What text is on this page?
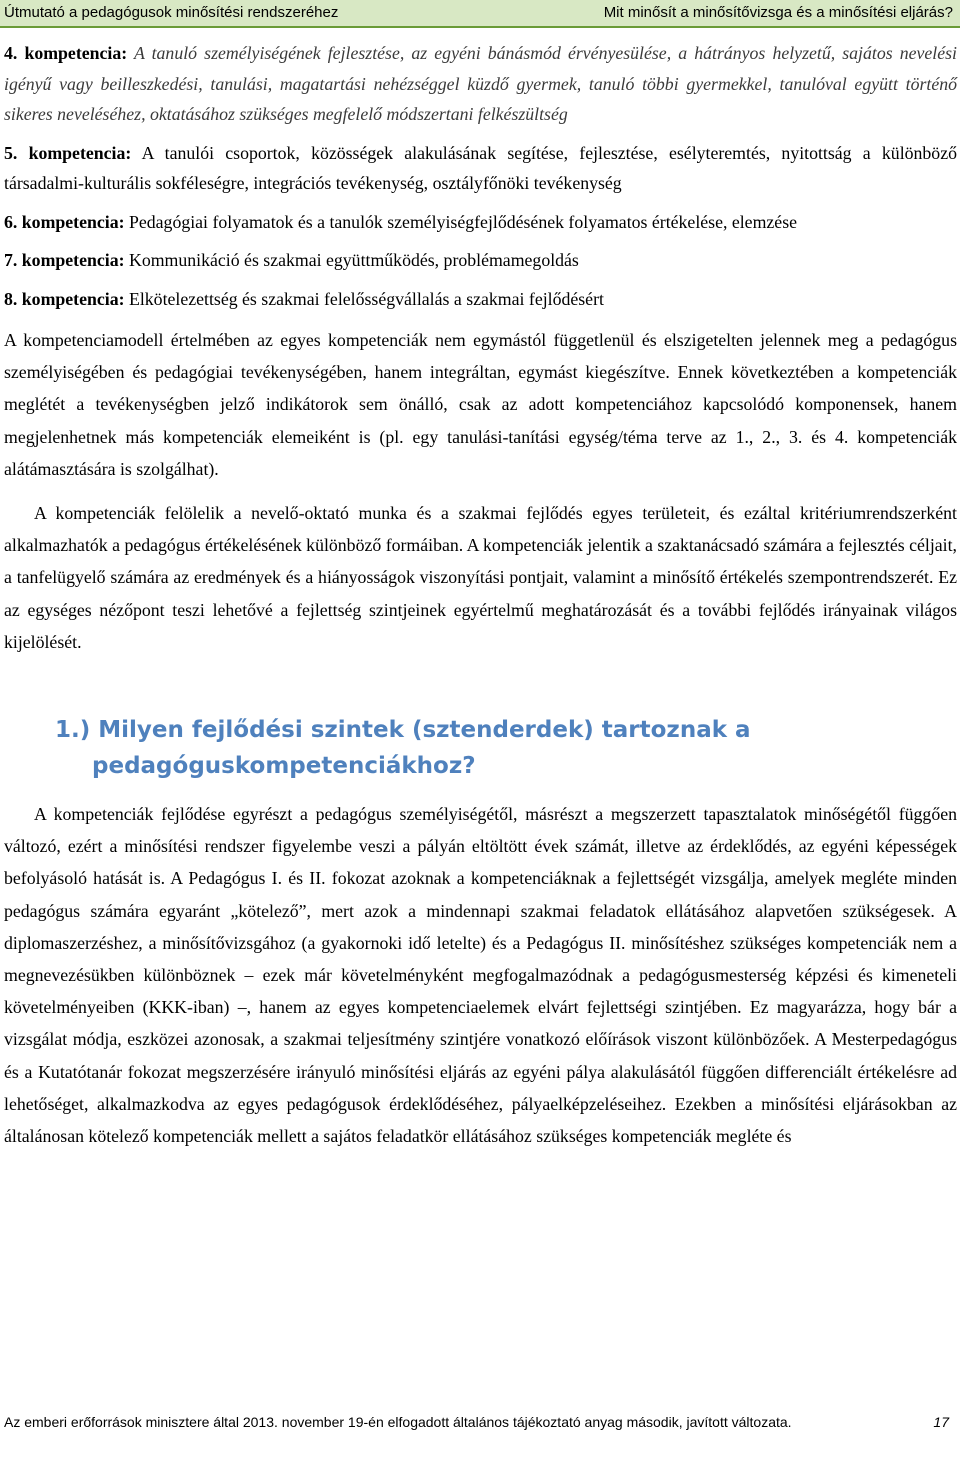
Útmutató a pedagógusok minősítési rendszeréhez	Mit minősít a minősítővizsga és a minősítési eljárás?

4. kompetencia: A tanuló személyiségének fejlesztése, az egyéni bánásmód érvényesülése, a hátrányos helyzetű, sajátos nevelési igényű vagy beilleszkedési, tanulási, magatartási nehézséggel küzdő gyermek, tanuló többi gyermekkel, tanulóval együtt történő sikeres neveléséhez, oktatásához szükséges megfelelő módszertani felkészültség

5. kompetencia: A tanulói csoportok, közösségek alakulásának segítése, fejlesztése, esélyteremtés, nyitottság a különböző társadalmi-kulturális sokféleségre, integrációs tevékenység, osztályfőnöki tevékenység

6. kompetencia: Pedagógiai folyamatok és a tanulók személyiségfejlődésének folyamatos értékelése, elemzése

7. kompetencia: Kommunikáció és szakmai együttműködés, problémamegoldás

8. kompetencia: Elkötelezettség és szakmai felelősségvállalás a szakmai fejlődésért

A kompetenciamodell értelmében az egyes kompetenciák nem egymástól függetlenül és elszigetelten jelennek meg a pedagógus személyiségében és pedagógiai tevékenységében, hanem integráltan, egymást kiegészítve. Ennek következtében a kompetenciák meglétét a tevékenységben jelző indikátorok sem önálló, csak az adott kompetenciához kapcsolódó komponensek, hanem megjelenhetnek más kompetenciák elemeiként is (pl. egy tanulási-tanítási egység/téma terve az 1., 2., 3. és 4. kompetenciák alátámasztására is szolgálhat).

A kompetenciák felölelik a nevelő-oktató munka és a szakmai fejlődés egyes területeit, és ezáltal kritériumrendszerként alkalmazhatók a pedagógus értékelésének különböző formáiban. A kompetenciák jelentik a szaktanácsadó számára a fejlesztés céljait, a tanfelügyelő számára az eredmények és a hiányosságok viszonyítási pontjait, valamint a minősítő értékelés szempontrendszerét. Ez az egységes nézőpont teszi lehetővé a fejlettség szintjeinek egyértelmű meghatározását és a további fejlődés irányainak világos kijelölését.

1.) Milyen fejlődési szintek (sztenderdek) tartoznak a

pedagóguskompetenciákhoz?

A kompetenciák fejlődése egyrészt a pedagógus személyiségétől, másrészt a megszerzett tapasztalatok minőségétől függően változó, ezért a minősítési rendszer figyelembe veszi a pályán eltöltött évek számát, illetve az érdeklődés, az egyéni képességek befolyásoló hatását is. A Pedagógus I. és II. fokozat azoknak a kompetenciáknak a fejlettségét vizsgálja, amelyek megléte minden pedagógus számára egyaránt „kötelező”, mert azok a mindennapi szakmai feladatok ellátásához alapvetően szükségesek. A diplomaszerzéshez, a minősítővizsgához (a gyakornoki idő letelte) és a Pedagógus II. minősítéshez szükséges kompetenciák nem a megnevezésükben különböznek – ezek már követelményként megfogalmazódnak a pedagógusmesterség képzési és kimeneteli követelményeiben (KKK-iban) –, hanem az egyes kompetenciaelemek elvárt fejlettségi szintjében. Ez magyarázza, hogy bár a vizsgálat módja, eszközei azonosak, a szakmai teljesítmény szintjére vonatkozó előírások viszont különbözőek. A Mesterpedagógus és a Kutatótanár fokozat megszerzésére irányuló minősítési eljárás az egyéni pálya alakulásától függően differenciált értékelésre ad lehetőséget, alkalmazkodva az egyes pedagógusok érdeklődéséhez, pályaelképzeléseihez. Ezekben a minősítési eljárásokban az általánosan kötelező kompetenciák mellett a sajátos feladatkör ellátásához szükséges kompetenciák megléte és

Az emberi erőforrások minisztere által 2013. november 19-én elfogadott általános tájékoztató anyag második, javított változata.	17
